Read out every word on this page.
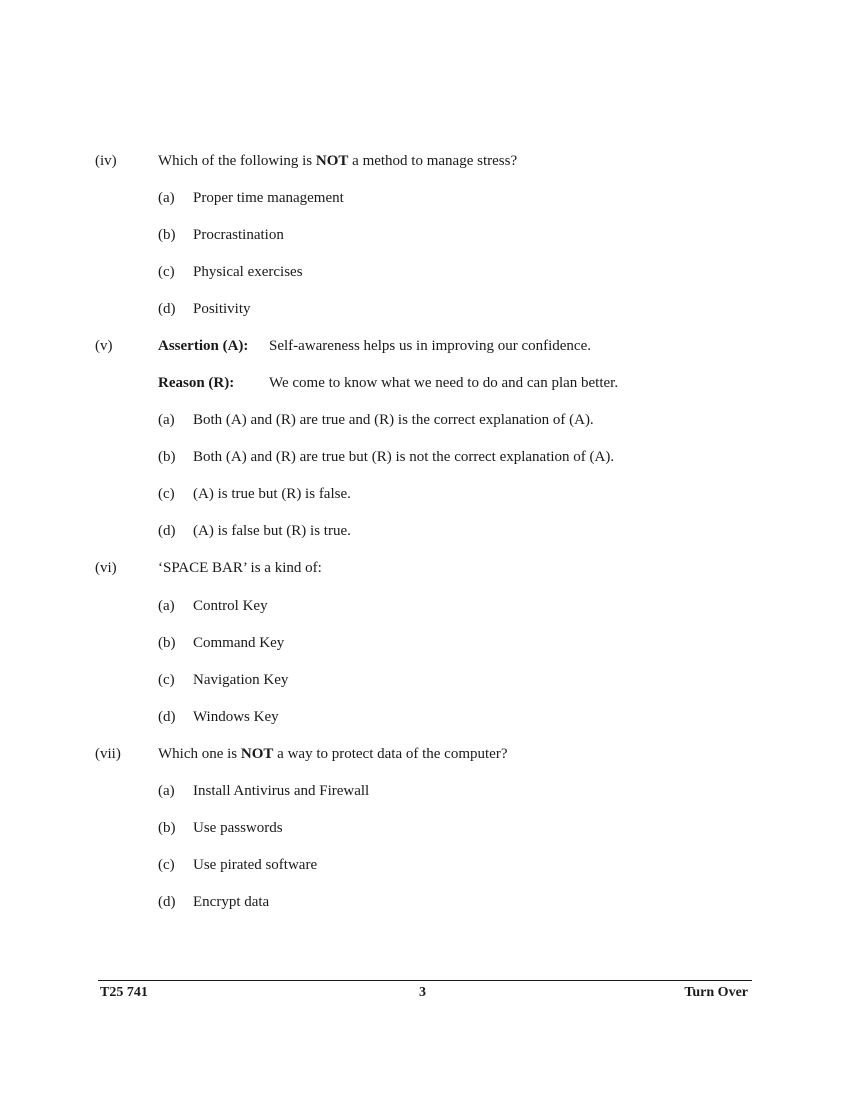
(iv)	Which of the following is NOT a method to manage stress?
(a) Proper time management
(b) Procrastination
(c) Physical exercises
(d) Positivity
(v)	Assertion (A): Self-awareness helps us in improving our confidence.
Reason (R): We come to know what we need to do and can plan better.
(a) Both (A) and (R) are true and (R) is the correct explanation of (A).
(b) Both (A) and (R) are true but (R) is not the correct explanation of (A).
(c) (A) is true but (R) is false.
(d) (A) is false but (R) is true.
(vi)	‘SPACE BAR’ is a kind of:
(a) Control Key
(b) Command Key
(c) Navigation Key
(d) Windows Key
(vii) Which one is NOT a way to protect data of the computer?
(a) Install Antivirus and Firewall
(b) Use passwords
(c) Use pirated software
(d) Encrypt data
T25 741	3	Turn Over
